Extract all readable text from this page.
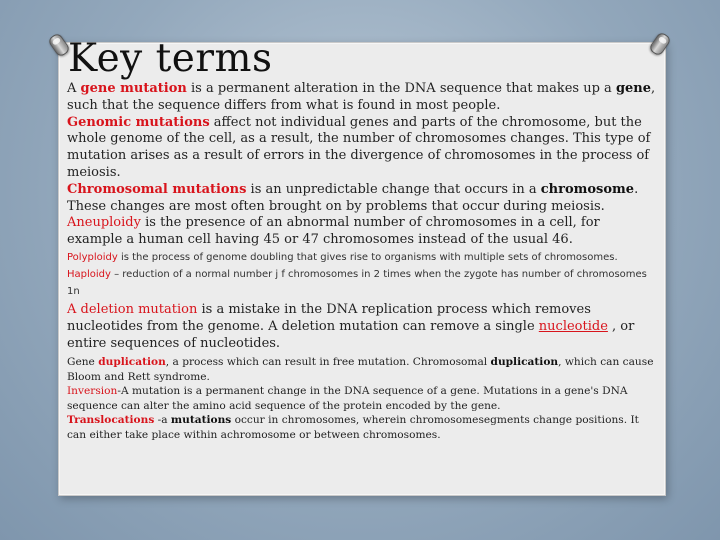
Key terms

A gene mutation is a permanent alteration in the DNA sequence that makes up a gene, such that the sequence differs from what is found in most people.

Genomic mutations affect not individual genes and parts of the chromosome, but the whole genome of the cell, as a result, the number of chromosomes changes. This type of mutation arises as a result of errors in the divergence of chromosomes in the process of meiosis.

Chromosomal mutations is an unpredictable change that occurs in a chromosome. These changes are most often brought on by problems that occur during meiosis.

Aneuploidy is the presence of an abnormal number of chromosomes in a cell, for example a human cell having 45 or 47 chromosomes instead of the usual 46.

Polyploidy is the process of genome doubling that gives rise to organisms with multiple sets of chromosomes.

Haploidy – reduction of a normal number j f chromosomes in 2 times when the zygote has number of chromosomes 1n

A deletion mutation is a mistake in the DNA replication process which removes nucleotides from the genome. A deletion mutation can remove a single nucleotide , or entire sequences of nucleotides.

Gene duplication, a process which can result in free mutation. Chromosomal duplication, which can cause Bloom and Rett syndrome.

Inversion-A mutation is a permanent change in the DNA sequence of a gene. Mutations in a gene's DNA sequence can alter the amino acid sequence of the protein encoded by the gene.

Translocations -a mutations occur in chromosomes, wherein chromosomesegments change positions. It can either take place within achromosome or between chromosomes.
